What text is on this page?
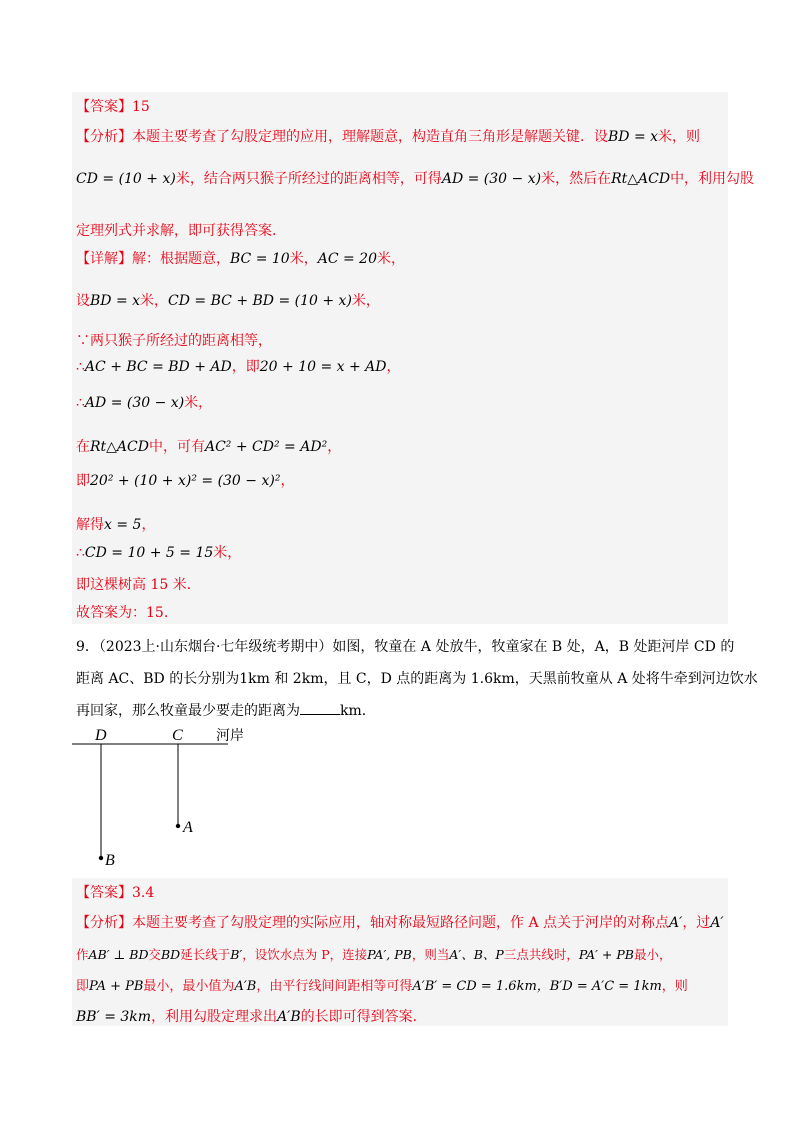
【答案】15
【分析】本题主要考查了勾股定理的应用，理解题意，构造直角三角形是解题关键．设BD = x米，则
CD = (10 + x)米，结合两只猴子所经过的距离相等，可得AD = (30 − x)米，然后在Rt△ACD中，利用勾股
定理列式并求解，即可获得答案．
【详解】解：根据题意，BC = 10米，AC = 20米，
设BD = x米，CD = BC + BD = (10 + x)米，
∵两只猴子所经过的距离相等，
∴AC + BC = BD + AD，即20 + 10 = x + AD，
∴AD = (30 − x)米，
在Rt△ACD中，可有AC² + CD² = AD²，
即20² + (10 + x)² = (30 − x)²，
解得x = 5，
∴CD = 10 + 5 = 15米，
即这棵树高 15 米．
故答案为：15．
9．（2023上·山东烟台·七年级统考期中）如图，牧童在 A 处放牛，牧童家在 B 处，A，B 处距河岸 CD 的
距离 AC、BD 的长分别为1km 和 2km，且 C，D 点的距离为 1.6km，天黑前牧童从 A 处将牛牵到河边饮水
再回家，那么牧童最少要走的距离为	km．
D	C 河岸
A
B
【答案】3.4
【分析】本题主要考查了勾股定理的实际应用，轴对称最短路径问题，作 A 点关于河岸的对称点A′，过A′
作AB′ ⊥ BD交BD延长线于B′，设饮水点为 P，连接PA′, PB，则当A′、B、P三点共线时，PA′ + PB最小，
即PA + PB最小，最小值为A′B，由平行线间间距相等可得A′B′ = CD = 1.6km，B′D = A′C = 1km，则
BB′ = 3km，利用勾股定理求出A′B的长即可得到答案．
